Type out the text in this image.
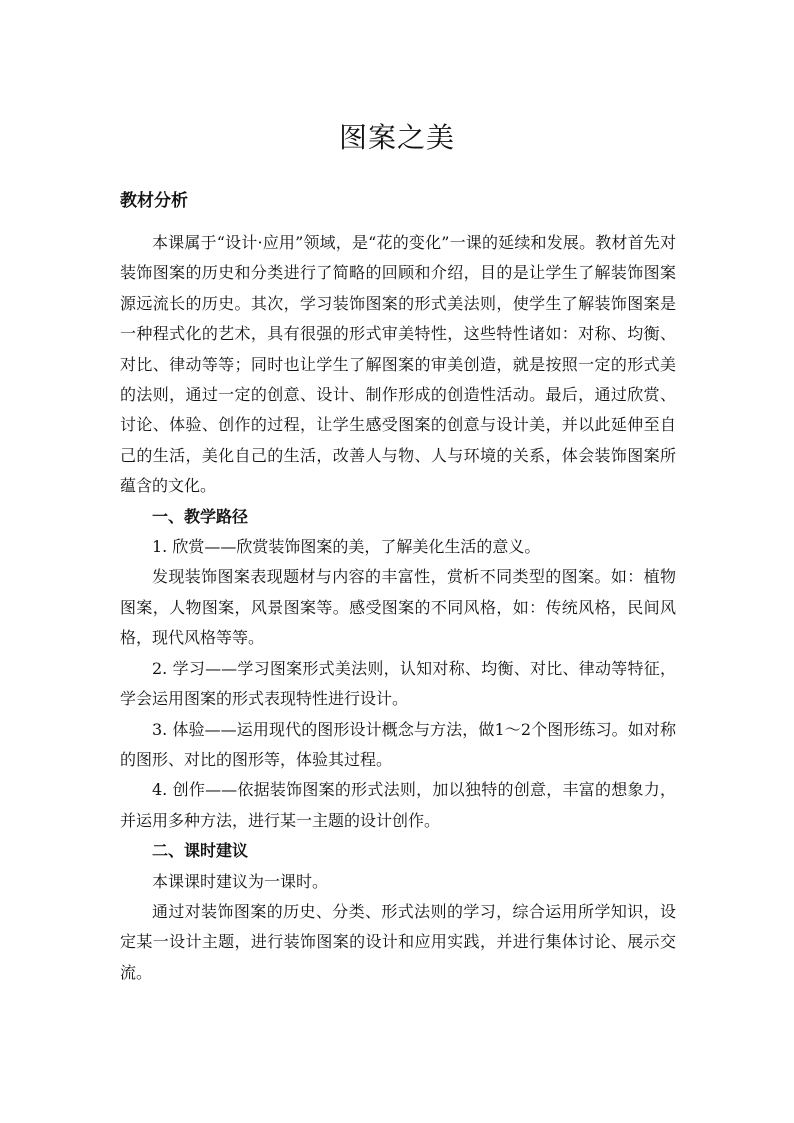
图案之美
教材分析

本课属于“设计·应用”领域，是“花的变化”一课的延续和发展。教材首先对装饰图案的历史和分类进行了简略的回顾和介绍，目的是让学生了解装饰图案源远流长的历史。其次，学习装饰图案的形式美法则，使学生了解装饰图案是一种程式化的艺术，具有很强的形式审美特性，这些特性诸如：对称、均衡、对比、律动等等；同时也让学生了解图案的审美创造，就是按照一定的形式美的法则，通过一定的创意、设计、制作形成的创造性活动。最后，通过欣赏、讨论、体验、创作的过程，让学生感受图案的创意与设计美，并以此延伸至自己的生活，美化自己的生活，改善人与物、人与环境的关系，体会装饰图案所蕴含的文化。

一、教学路径

1. 欣赏——欣赏装饰图案的美，了解美化生活的意义。

发现装饰图案表现题材与内容的丰富性，赏析不同类型的图案。如：植物图案，人物图案，风景图案等。感受图案的不同风格，如：传统风格，民间风格，现代风格等等。

2. 学习——学习图案形式美法则，认知对称、均衡、对比、律动等特征，学会运用图案的形式表现特性进行设计。

3. 体验——运用现代的图形设计概念与方法，做1～2个图形练习。如对称的图形、对比的图形等，体验其过程。

4. 创作——依据装饰图案的形式法则，加以独特的创意，丰富的想象力，并运用多种方法，进行某一主题的设计创作。

二、课时建议

本课课时建议为一课时。

通过对装饰图案的历史、分类、形式法则的学习，综合运用所学知识，设定某一设计主题，进行装饰图案的设计和应用实践，并进行集体讨论、展示交流。
